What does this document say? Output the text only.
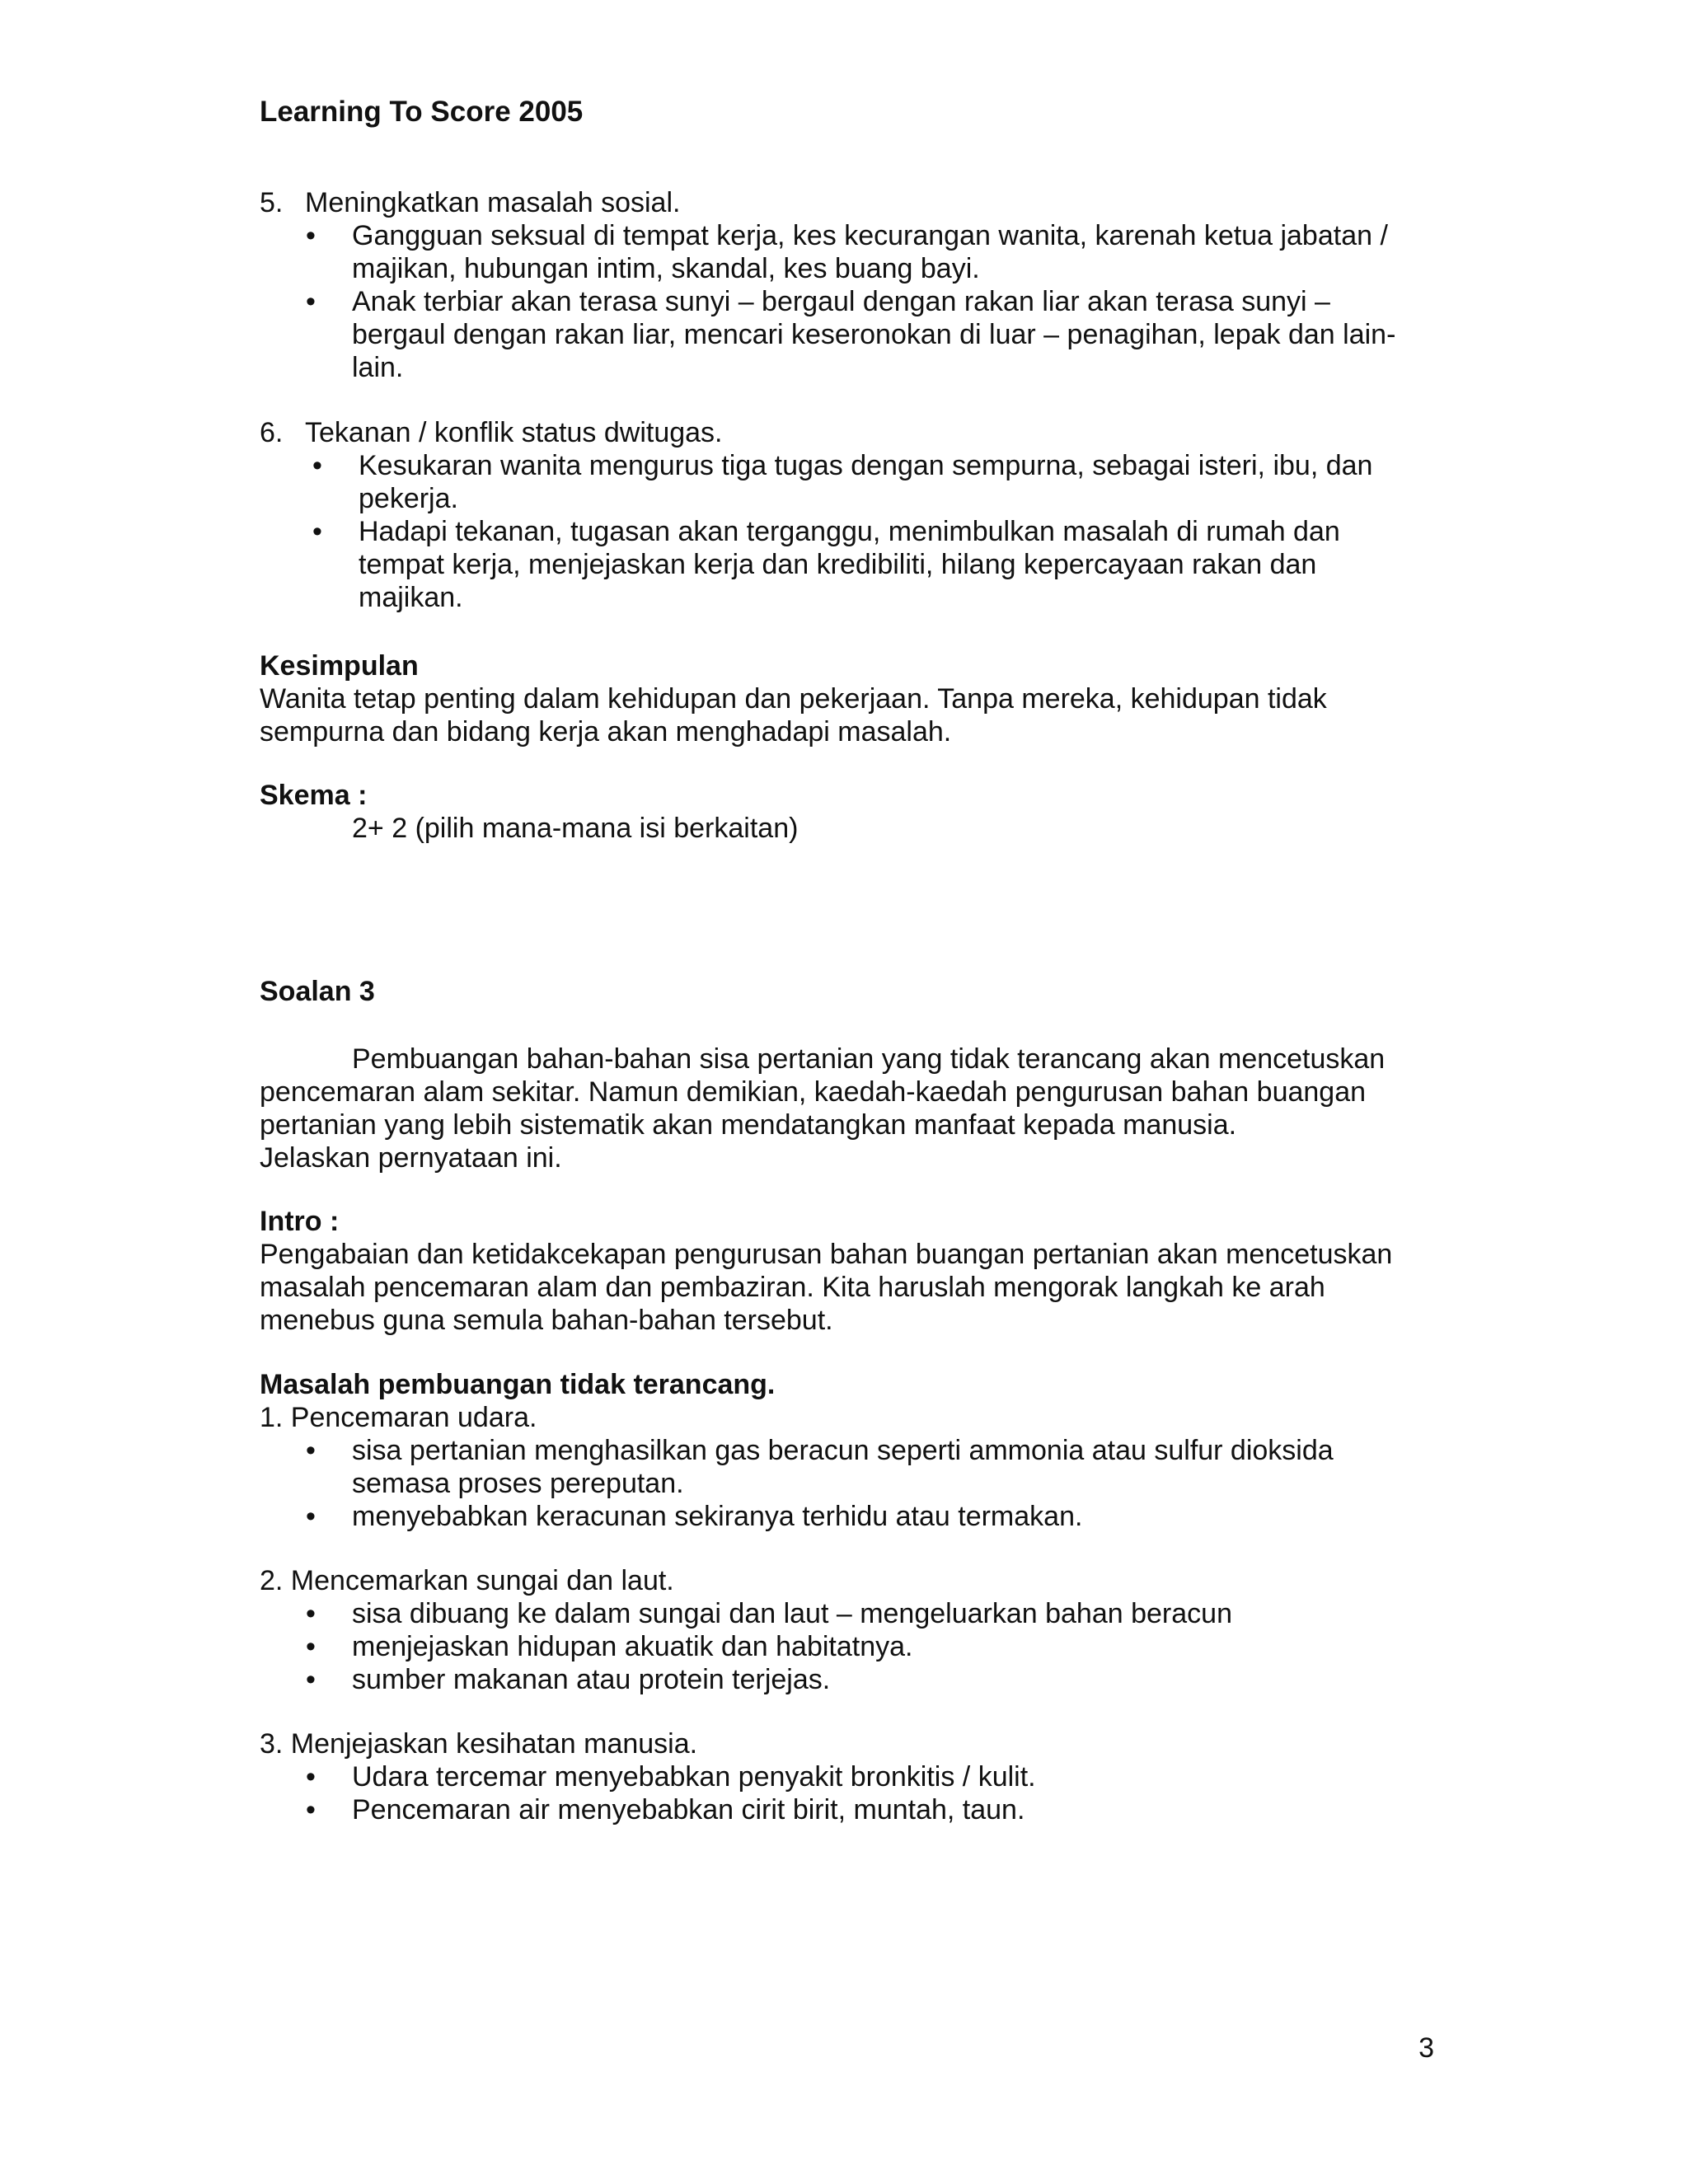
Learning To Score 2005
5. Meningkatkan masalah sosial.
•	Gangguan seksual di tempat kerja, kes kecurangan wanita, karenah ketua jabatan /
majikan, hubungan intim, skandal, kes buang bayi.
•	Anak terbiar akan terasa sunyi – bergaul dengan rakan liar akan terasa sunyi –
bergaul dengan rakan liar, mencari keseronokan di luar – penagihan, lepak dan lain-
lain.
6. Tekanan / konflik status dwitugas.
•	Kesukaran wanita mengurus tiga tugas dengan sempurna, sebagai isteri, ibu, dan
pekerja.
•	Hadapi tekanan, tugasan akan terganggu, menimbulkan masalah di rumah dan
tempat kerja, menjejaskan kerja dan kredibiliti, hilang kepercayaan rakan dan
majikan.
Kesimpulan
Wanita tetap penting dalam kehidupan dan pekerjaan. Tanpa mereka, kehidupan tidak
sempurna dan bidang kerja akan menghadapi masalah.
Skema :
2+ 2 (pilih mana-mana isi berkaitan)
Soalan 3
Pembuangan bahan-bahan sisa pertanian yang tidak terancang akan mencetuskan
pencemaran alam sekitar. Namun demikian, kaedah-kaedah pengurusan bahan buangan
pertanian yang lebih sistematik akan mendatangkan manfaat kepada manusia.
Jelaskan pernyataan ini.
Intro :
Pengabaian dan ketidakcekapan pengurusan bahan buangan pertanian akan mencetuskan
masalah pencemaran alam dan pembaziran. Kita haruslah mengorak langkah ke arah
menebus guna semula bahan-bahan tersebut.
Masalah pembuangan tidak terancang.
1. Pencemaran udara.
•	sisa pertanian menghasilkan gas beracun seperti ammonia atau sulfur dioksida
semasa proses pereputan.
•	menyebabkan keracunan sekiranya terhidu atau termakan.
2. Mencemarkan sungai dan laut.
•	sisa dibuang ke dalam sungai dan laut – mengeluarkan bahan beracun
•	menjejaskan hidupan akuatik dan habitatnya.
•	sumber makanan atau protein terjejas.
3. Menjejaskan kesihatan manusia.
•	Udara tercemar menyebabkan penyakit bronkitis / kulit.
•	Pencemaran air menyebabkan cirit birit, muntah, taun.
3
